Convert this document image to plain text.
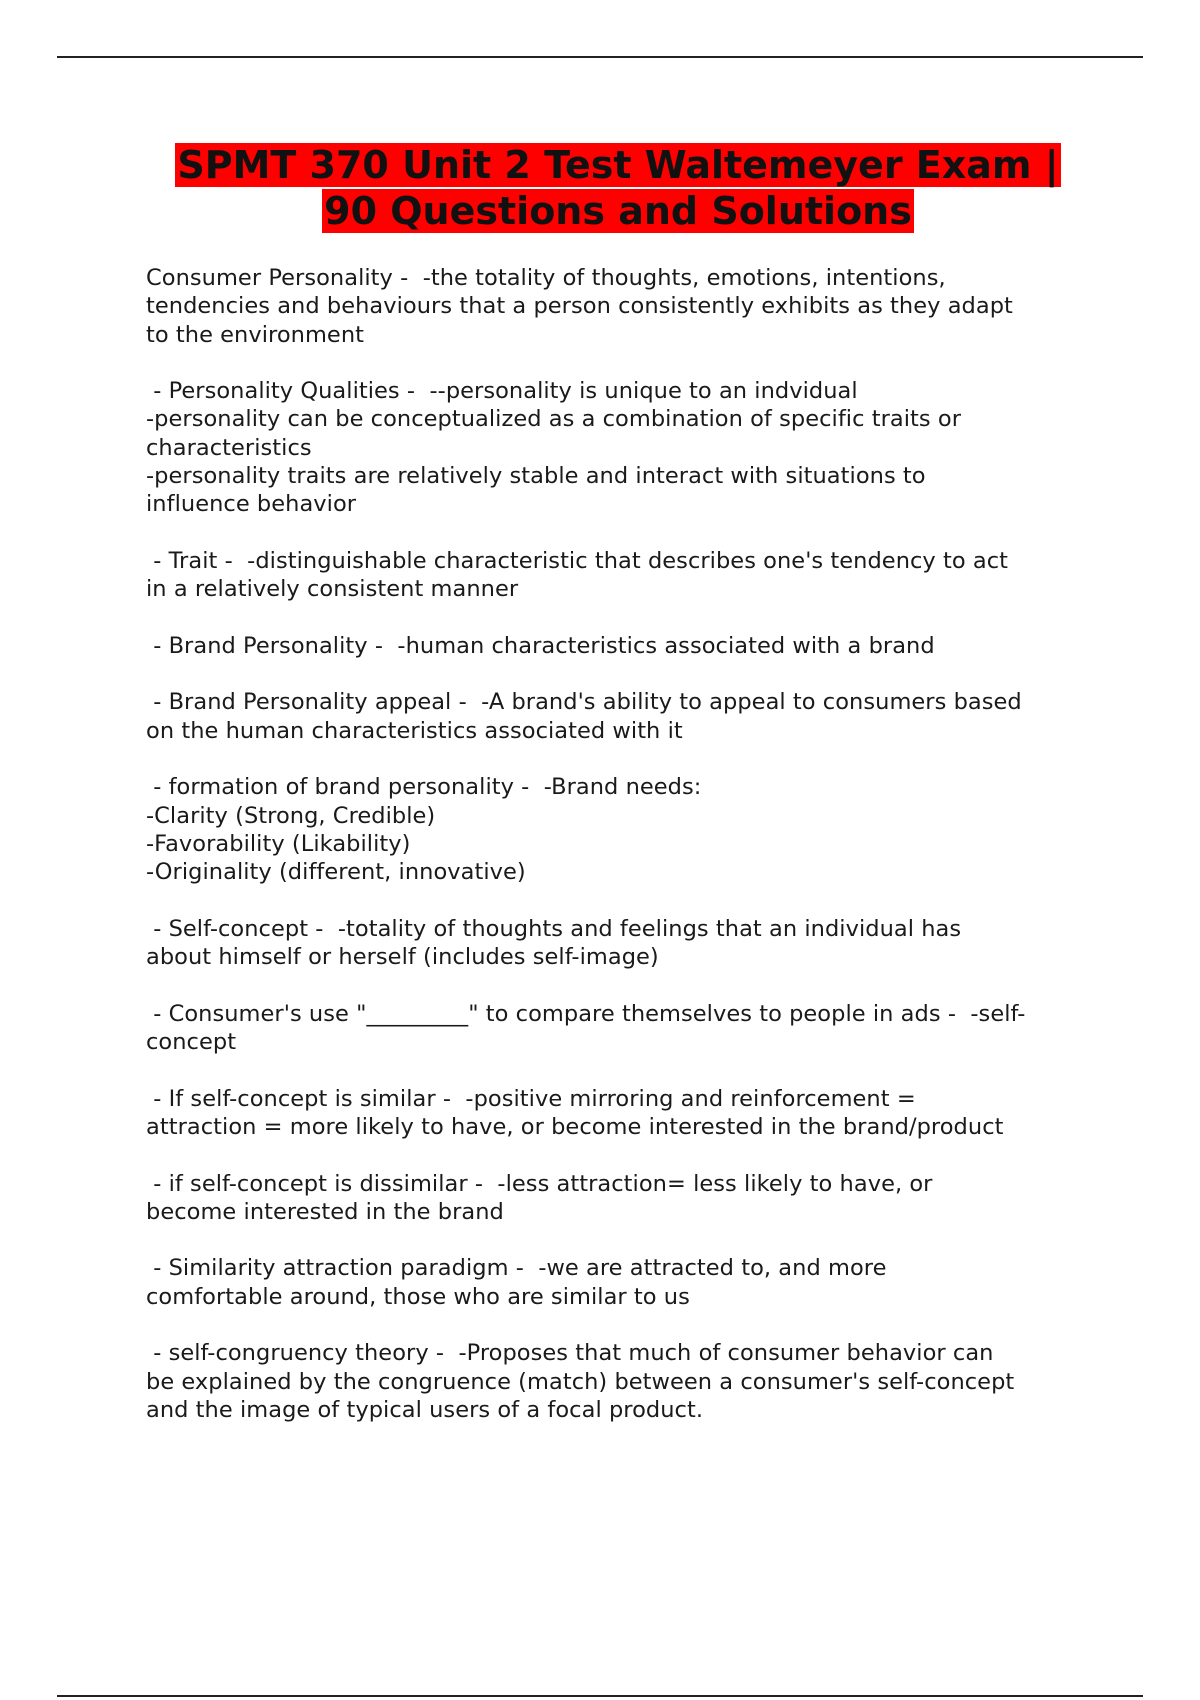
SPMT 370 Unit 2 Test Waltemeyer Exam |
90 Questions and Solutions
Consumer Personality -  -the totality of thoughts, emotions, intentions,
tendencies and behaviours that a person consistently exhibits as they adapt
to the environment
- Personality Qualities -  --personality is unique to an indvidual
-personality can be conceptualized as a combination of specific traits or
characteristics
-personality traits are relatively stable and interact with situations to
influence behavior
- Trait -  -distinguishable characteristic that describes one's tendency to act
in a relatively consistent manner
- Brand Personality -  -human characteristics associated with a brand
- Brand Personality appeal -  -A brand's ability to appeal to consumers based
on the human characteristics associated with it
- formation of brand personality -  -Brand needs:
-Clarity (Strong, Credible)
-Favorability (Likability)
-Originality (different, innovative)
- Self-concept -  -totality of thoughts and feelings that an individual has
about himself or herself (includes self-image)
- Consumer's use "_________" to compare themselves to people in ads -  -self-
concept
- If self-concept is similar -  -positive mirroring and reinforcement =
attraction = more likely to have, or become interested in the brand/product
- if self-concept is dissimilar -  -less attraction= less likely to have, or
become interested in the brand
- Similarity attraction paradigm -  -we are attracted to, and more
comfortable around, those who are similar to us
- self-congruency theory -  -Proposes that much of consumer behavior can
be explained by the congruence (match) between a consumer's self-concept
and the image of typical users of a focal product.
